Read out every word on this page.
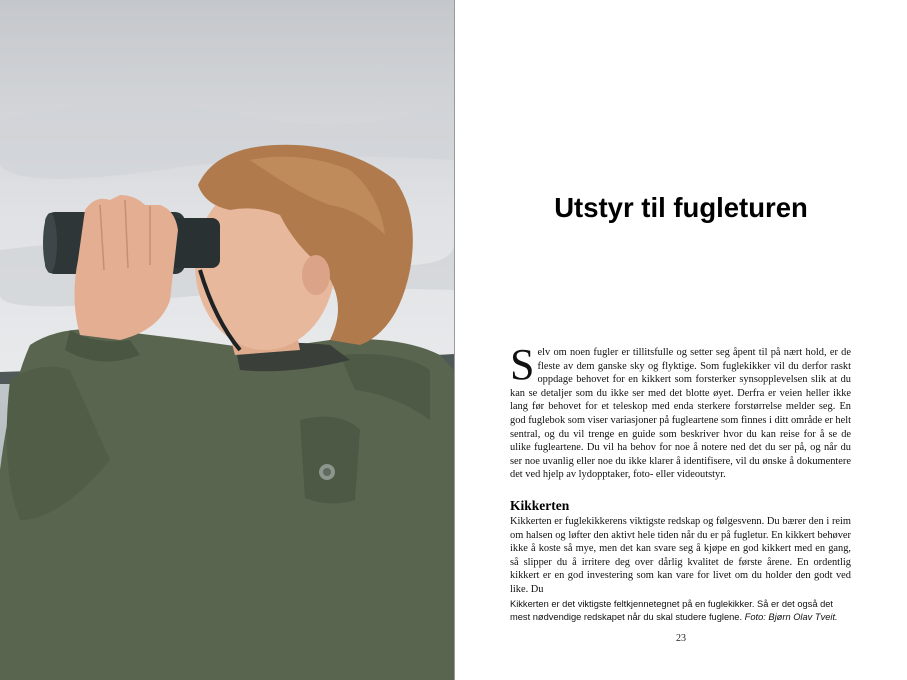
Utstyr til fugleturen
Selv om noen fugler er tillitsfulle og setter seg åpent til på nært hold, er de fleste av dem ganske sky og flyktige. Som fuglekikker vil du derfor raskt oppdage behovet for en kikkert som forsterker synsopplevelsen slik at du kan se detaljer som du ikke ser med det blotte øyet. Derfra er veien heller ikke lang før behovet for et teleskop med enda sterkere forstørrelse melder seg. En god fuglebok som viser variasjoner på fugleartene som finnes i ditt område er helt sentral, og du vil trenge en guide som beskriver hvor du kan reise for å se de ulike fugleartene. Du vil ha behov for noe å notere ned det du ser på, og når du ser noe uvanlig eller noe du ikke klarer å identifisere, vil du ønske å dokumentere det ved hjelp av lydopptaker, foto- eller videoutstyr.
Kikkerten
Kikkerten er fuglekikkerens viktigste redskap og følgesvenn. Du bærer den i reim om halsen og løfter den aktivt hele tiden når du er på fugletur. En kikkert behøver ikke å koste så mye, men det kan svare seg å kjøpe en god kikkert med en gang, så slipper du å irritere deg over dårlig kvalitet de første årene. En ordentlig kikkert er en god investering som kan vare for livet om du holder den godt ved like. Du
Kikkerten er det viktigste feltkjennetegnet på en fuglekikker. Så er det også det mest nødvendige redskapet når du skal studere fuglene. Foto: Bjørn Olav Tveit.
23
